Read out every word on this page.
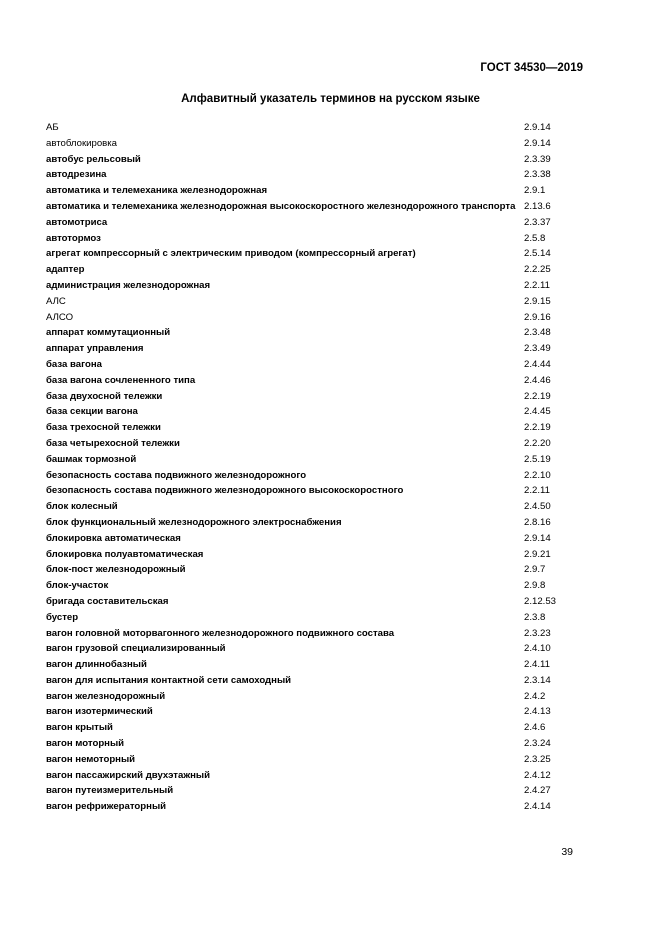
ГОСТ 34530—2019
Алфавитный указатель терминов на русском языке
АБ	2.9.14
автоблокировка	2.9.14
автобус рельсовый	2.3.39
автодрезина	2.3.38
автоматика и телемеханика железнодорожная	2.9.1
автоматика и телемеханика железнодорожная высокоскоростного железнодорожного транспорта 2.13.6
автомотриса	2.3.37
автотормоз	2.5.8
агрегат компрессорный с электрическим приводом (компрессорный агрегат)	2.5.14
адаптер	2.2.25
администрация железнодорожная	2.2.11
АЛС	2.9.15
АЛСО	2.9.16
аппарат коммутационный	2.3.48
аппарат управления	2.3.49
база вагона	2.4.44
база вагона сочлененного типа	2.4.46
база двухосной тележки	2.2.19
база секции вагона	2.4.45
база трехосной тележки	2.2.19
база четырехосной тележки	2.2.20
башмак тормозной	2.5.19
безопасность состава подвижного железнодорожного	2.2.10
безопасность состава подвижного железнодорожного высокоскоростного	2.2.11
блок колесный	2.4.50
блок функциональный железнодорожного электроснабжения	2.8.16
блокировка автоматическая	2.9.14
блокировка полуавтоматическая	2.9.21
блок-пост железнодорожный	2.9.7
блок-участок	2.9.8
бригада составительская	2.12.53
бустер	2.3.8
вагон головной моторвагонного железнодорожного подвижного состава	2.3.23
вагон грузовой специализированный	2.4.10
вагон длиннобазный	2.4.11
вагон для испытания контактной сети самоходный	2.3.14
вагон железнодорожный	2.4.2
вагон изотермический	2.4.13
вагон крытый	2.4.6
вагон моторный	2.3.24
вагон немоторный	2.3.25
вагон пассажирский двухэтажный	2.4.12
вагон путеизмерительный	2.4.27
вагон рефрижераторный	2.4.14
39
